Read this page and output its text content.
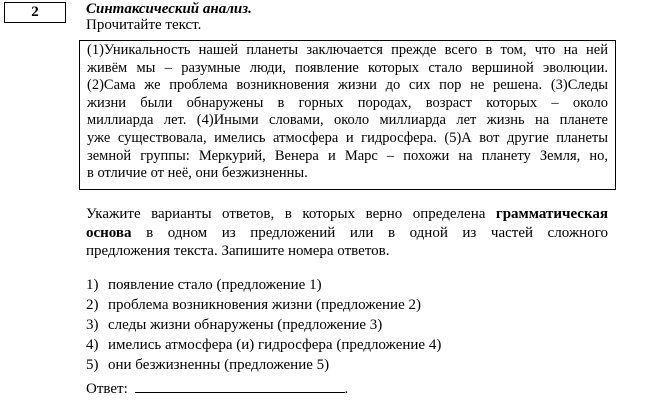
2	Синтаксический анализ.
Прочитайте текст.
(1)Уникальность нашей планеты заключается прежде всего в том, что на ней
живём мы – разумные люди, появление которых стало вершиной эволюции.
(2)Сама же проблема возникновения жизни до сих пор не решена. (3)Следы
жизни были обнаружены в горных породах, возраст которых – около
миллиарда лет. (4)Иными словами, около миллиарда лет жизнь на планете
уже существовала, имелись атмосфера и гидросфера. (5)А вот другие планеты
земной группы: Меркурий, Венера и Марс – похожи на планету Земля, но,
в отличие от неё, они безжизненны.
Укажите варианты ответов, в которых верно определена грамматическая
основа в одном из предложений или в одной из частей сложного
предложения текста. Запишите номера ответов.
1) появление стало (предложение 1)
2) проблема возникновения жизни (предложение 2)
3) следы жизни обнаружены (предложение 3)
4) имелись атмосфера (и) гидросфера (предложение 4)
5) они безжизненны (предложение 5)
Ответ:	.
